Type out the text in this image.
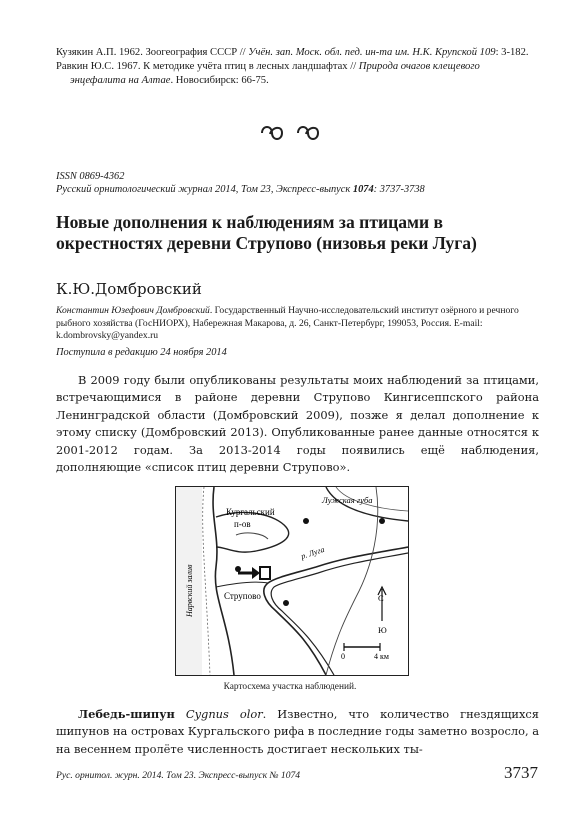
Кузякин А.П. 1962. Зоогеография СССР // Учён. зап. Моск. обл. пед. ин-та им. Н.К. Крупской 109: 3-182.

Равкин Ю.С. 1967. К методике учёта птиц в лесных ландшафтах // Природа очагов клещевого энцефалита на Алтае. Новосибирск: 66-75.

ISSN 0869-4362
Русский орнитологический журнал 2014, Том 23, Экспресс-выпуск 1074: 3737-3738
Новые дополнения к наблюдениям за птицами в окрестностях деревни Струпово (низовья реки Луга)
К.Ю.Домбровский
Константин Юзефович Домбровский. Государственный Научно-исследовательский институт озёрного и речного рыбного хозяйства (ГосНИОРХ), Набережная Макарова, д. 26, Санкт-Петербург, 199053, Россия. E-mail: k.dombrovsky@yandex.ru
Поступила в редакцию 24 ноября 2014

В 2009 году были опубликованы результаты моих наблюдений за птицами, встречающимися в районе деревни Струпово Кингисеппского района Ленинградской области (Домбровский 2009), позже я делал дополнение к этому списку (Домбровский 2013). Опубликованные ранее данные относятся к 2001-2012 годам. За 2013-2014 годы появились ещё наблюдения, дополняющие «список птиц деревни Струпово».

Лужская губа
Кургальский
п-ов
р. Луга
Струпово
Нарвский залив	С
Ю
0	4 км
Картосхема участка наблюдений.

Лебедь-шипун Cygnus olor. Известно, что количество гнездящихся шипунов на островах Кургальского рифа в последние годы заметно возросло, а на весеннем пролёте численность достигает нескольких ты-

Рус. орнитол. журн. 2014. Том 23. Экспресс-выпуск № 1074	3737
